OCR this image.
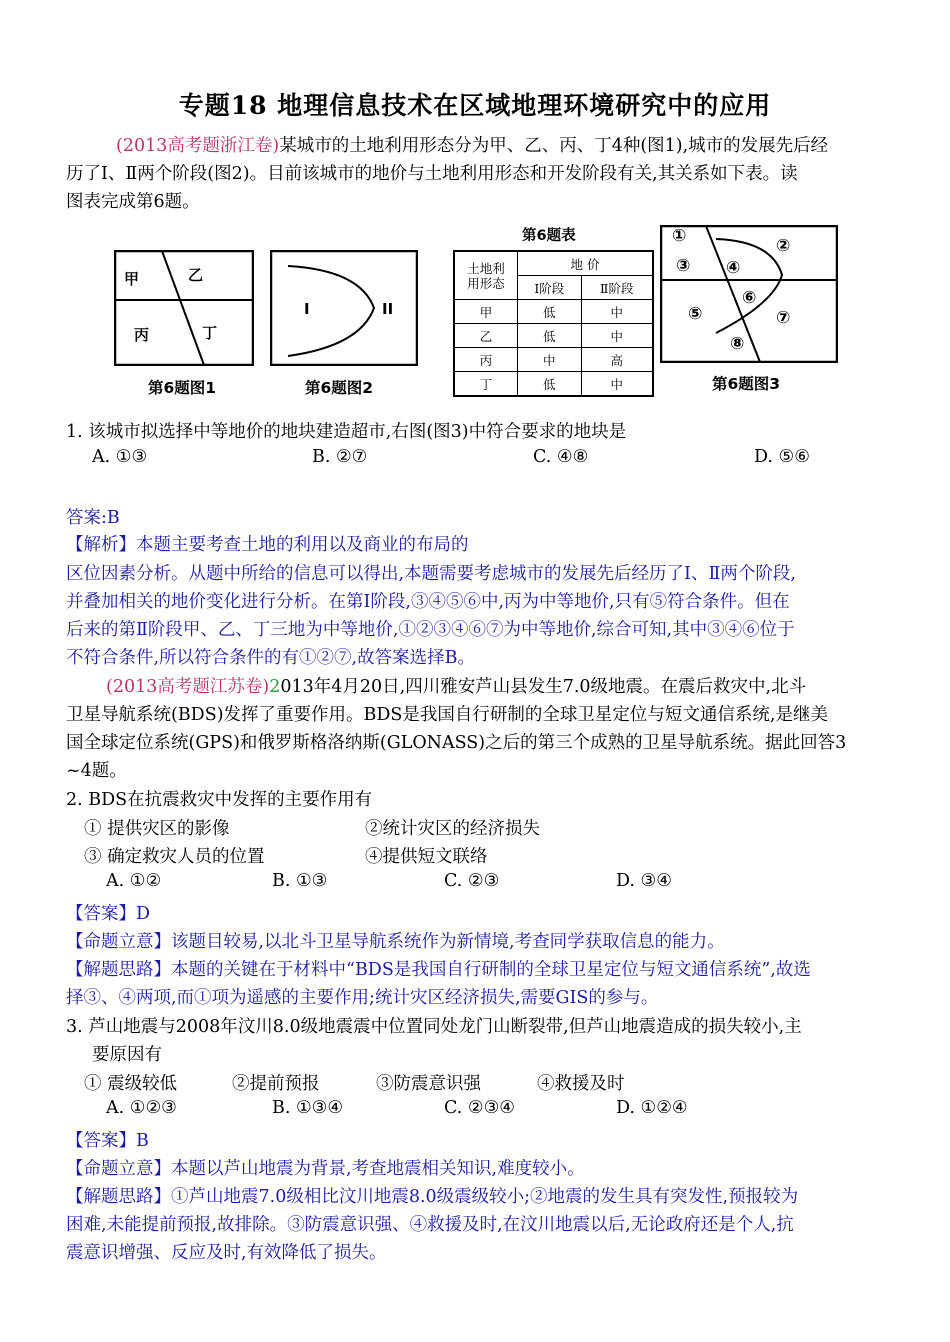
专题18 地理信息技术在区域地理环境研究中的应用
(2013高考题浙江卷)某城市的土地利用形态分为甲、乙、丙、丁4种(图1),城市的发展先后经
历了Ⅰ、Ⅱ两个阶段(图2)。目前该城市的地价与土地利用形态和开发阶段有关,其关系如下表。读
图表完成第6题。
甲	乙
丙	丁
第6题图1
I	II
第6题图2
第6题表
土地利
用形态	地 价	
	Ⅰ阶段	Ⅱ阶段
甲	低	中
乙	低	中
丙	中	高
丁	低	中
①	②
③ ④
⑤
⑥
⑦
⑧
第6题图3
1. 该城市拟选择中等地价的地块建造超市,右图(图3)中符合要求的地块是
A. ①③	B. ②⑦	C. ④⑧	D. ⑤⑥
答案:B
【解析】本题主要考查土地的利用以及商业的布局的
区位因素分析。从题中所给的信息可以得出,本题需要考虑城市的发展先后经历了Ⅰ、Ⅱ两个阶段,
并叠加相关的地价变化进行分析。在第Ⅰ阶段,③④⑤⑥中,丙为中等地价,只有⑤符合条件。但在
后来的第Ⅱ阶段甲、乙、丁三地为中等地价,①②③④⑥⑦为中等地价,综合可知,其中③④⑥位于
不符合条件,所以符合条件的有①②⑦,故答案选择B。
(2013高考题江苏卷)2013年4月20日,四川雅安芦山县发生7.0级地震。在震后救灾中,北斗
卫星导航系统(BDS)发挥了重要作用。BDS是我国自行研制的全球卫星定位与短文通信系统,是继美
国全球定位系统(GPS)和俄罗斯格洛纳斯(GLONASS)之后的第三个成熟的卫星导航系统。据此回答3
~4题。
2. BDS在抗震救灾中发挥的主要作用有
① 提供灾区的影像	②统计灾区的经济损失
③ 确定救灾人员的位置	④提供短文联络
A. ①②	B. ①③	C. ②③	D. ③④
【答案】D
【命题立意】该题目较易,以北斗卫星导航系统作为新情境,考查同学获取信息的能力。
【解题思路】本题的关键在于材料中“BDS是我国自行研制的全球卫星定位与短文通信系统”,故选
择③、④两项,而①项为遥感的主要作用;统计灾区经济损失,需要GIS的参与。
3. 芦山地震与2008年汶川8.0级地震震中位置同处龙门山断裂带,但芦山地震造成的损失较小,主
要原因有
① 震级较低	②提前预报	③防震意识强	④救援及时
A. ①②③	B. ①③④	C. ②③④	D. ①②④
【答案】B
【命题立意】本题以芦山地震为背景,考查地震相关知识,难度较小。
【解题思路】①芦山地震7.0级相比汶川地震8.0级震级较小;②地震的发生具有突发性,预报较为
困难,未能提前预报,故排除。③防震意识强、④救援及时,在汶川地震以后,无论政府还是个人,抗
震意识增强、反应及时,有效降低了损失。
